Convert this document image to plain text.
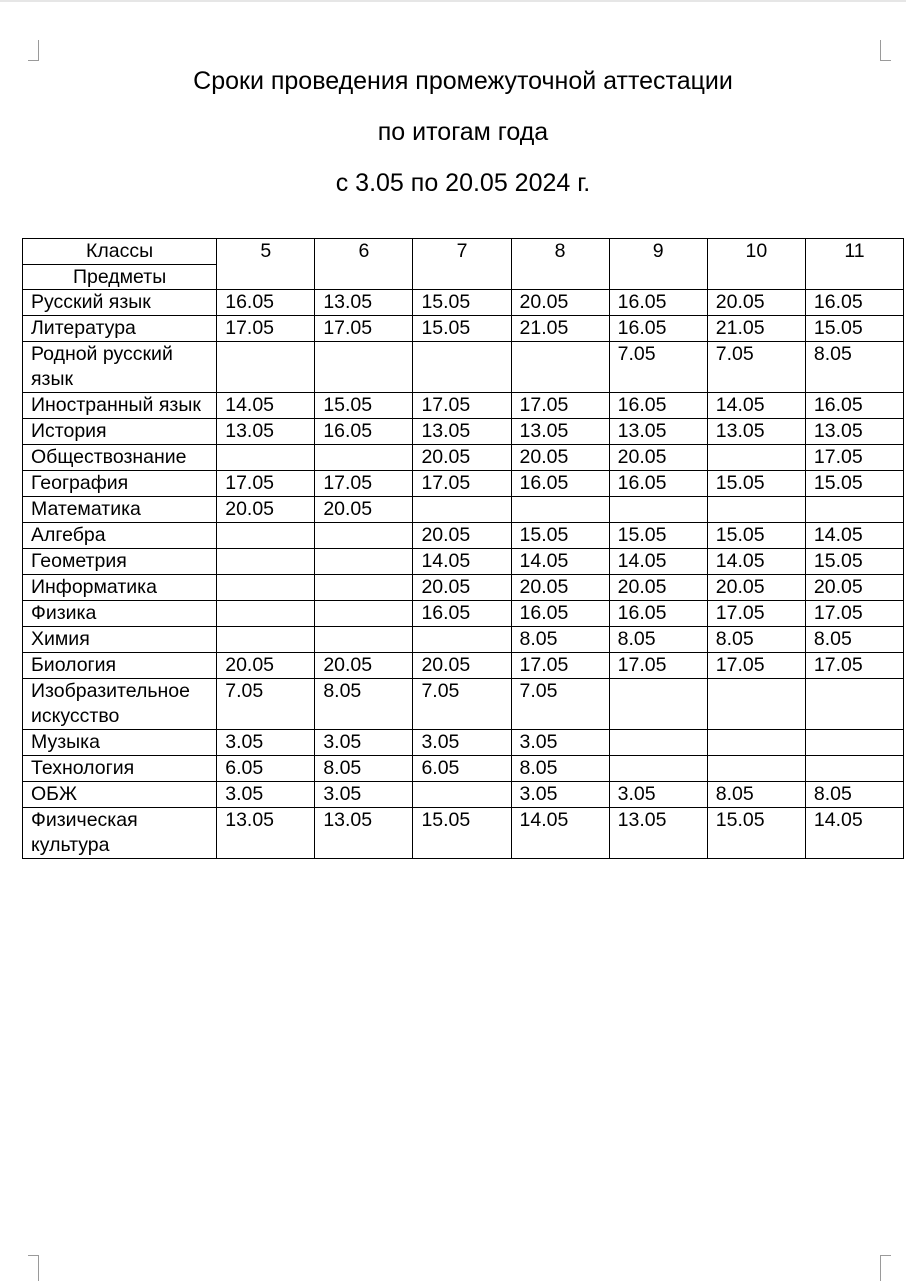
Сроки проведения промежуточной аттестации
по итогам года
с 3.05 по 20.05 2024 г.
Классы
Предметы	5	6	7	8	9	10	11
Русский язык	16.05	13.05	15.05	20.05	16.05	20.05	16.05
Литература	17.05	17.05	15.05	21.05	16.05	21.05	15.05
Родной русский язык					7.05	7.05	8.05
Иностранный язык	14.05	15.05	17.05	17.05	16.05	14.05	16.05
История	13.05	16.05	13.05	13.05	13.05	13.05	13.05
Обществознание			20.05	20.05	20.05		17.05
География	17.05	17.05	17.05	16.05	16.05	15.05	15.05
Математика	20.05	20.05					
Алгебра			20.05	15.05	15.05	15.05	14.05
Геометрия			14.05	14.05	14.05	14.05	15.05
Информатика			20.05	20.05	20.05	20.05	20.05
Физика			16.05	16.05	16.05	17.05	17.05
Химия				8.05	8.05	8.05	8.05
Биология	20.05	20.05	20.05	17.05	17.05	17.05	17.05
Изобразительное искусство	7.05	8.05	7.05	7.05			
Музыка	3.05	3.05	3.05	3.05			
Технология	6.05	8.05	6.05	8.05			
ОБЖ	3.05	3.05		3.05	3.05	8.05	8.05
Физическая культура	13.05	13.05	15.05	14.05	13.05	15.05	14.05
